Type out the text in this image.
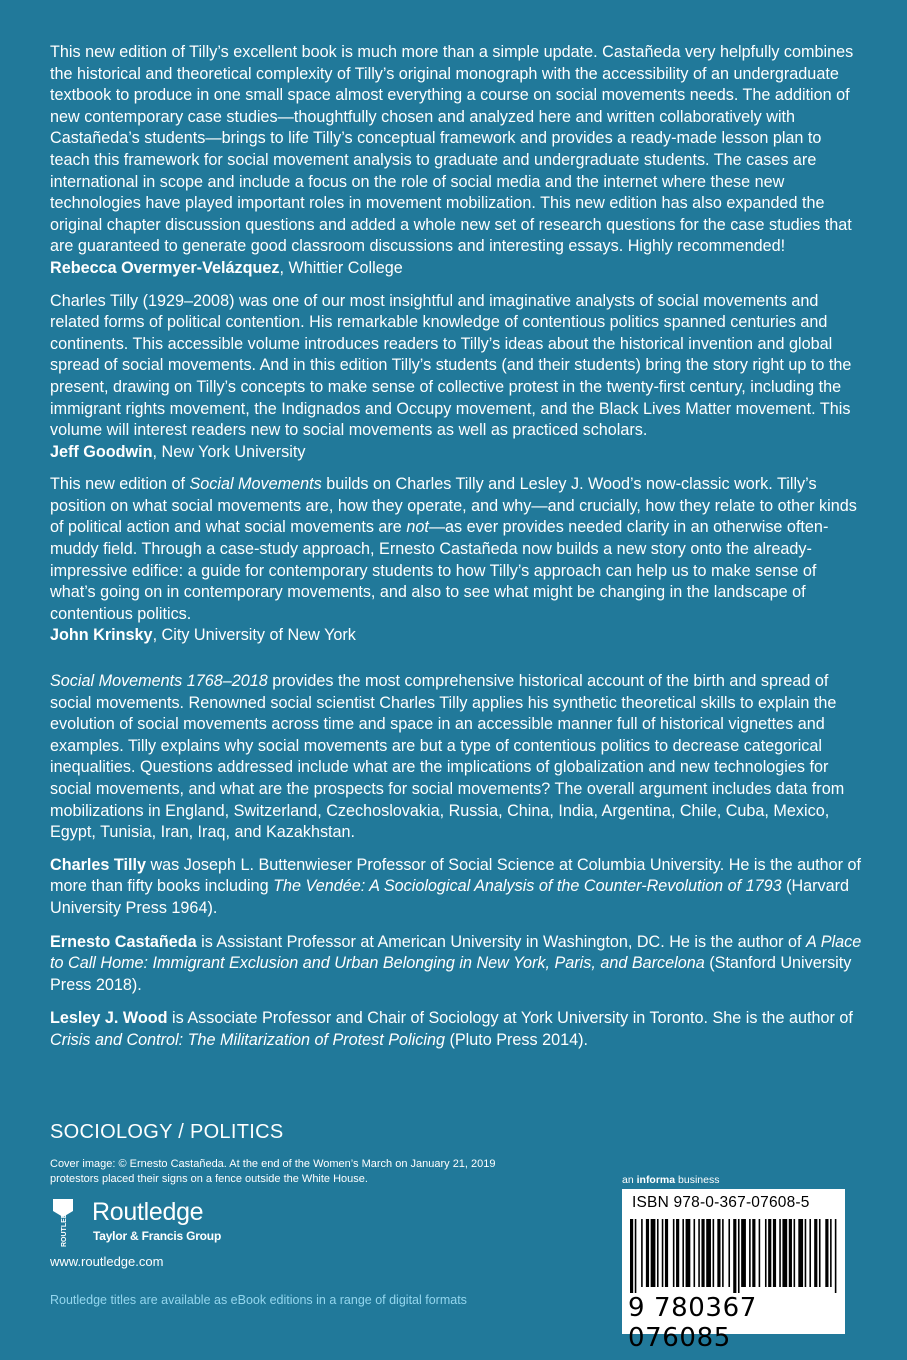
This new edition of Tilly’s excellent book is much more than a simple update. Castañeda very helpfully combines the historical and theoretical complexity of Tilly’s original monograph with the accessibility of an undergraduate textbook to produce in one small space almost everything a course on social movements needs. The addition of new contemporary case studies—thoughtfully chosen and analyzed here and written collaboratively with Castañeda’s students—brings to life Tilly’s conceptual framework and provides a ready-made lesson plan to teach this framework for social movement analysis to graduate and undergraduate students. The cases are international in scope and include a focus on the role of social media and the internet where these new technologies have played important roles in movement mobilization. This new edition has also expanded the original chapter discussion questions and added a whole new set of research questions for the case studies that are guaranteed to generate good classroom discussions and interesting essays. Highly recommended!

Rebecca Overmyer-Velázquez, Whittier College

Charles Tilly (1929–2008) was one of our most insightful and imaginative analysts of social movements and related forms of political contention. His remarkable knowledge of contentious politics spanned centuries and continents. This accessible volume introduces readers to Tilly’s ideas about the historical invention and global spread of social movements. And in this edition Tilly’s students (and their students) bring the story right up to the present, drawing on Tilly’s concepts to make sense of collective protest in the twenty-first century, including the immigrant rights movement, the Indignados and Occupy movement, and the Black Lives Matter movement. This volume will interest readers new to social movements as well as practiced scholars.

Jeff Goodwin, New York University

This new edition of Social Movements builds on Charles Tilly and Lesley J. Wood’s now-classic work. Tilly’s position on what social movements are, how they operate, and why—and crucially, how they relate to other kinds of political action and what social movements are not—as ever provides needed clarity in an otherwise often-muddy field. Through a case-study approach, Ernesto Castañeda now builds a new story onto the already-impressive edifice: a guide for contemporary students to how Tilly’s approach can help us to make sense of what’s going on in contemporary movements, and also to see what might be changing in the landscape of contentious politics.

John Krinsky, City University of New York

Social Movements 1768–2018 provides the most comprehensive historical account of the birth and spread of social movements. Renowned social scientist Charles Tilly applies his synthetic theoretical skills to explain the evolution of social movements across time and space in an accessible manner full of historical vignettes and examples. Tilly explains why social movements are but a type of contentious politics to decrease categorical inequalities. Questions addressed include what are the implications of globalization and new technologies for social movements, and what are the prospects for social movements? The overall argument includes data from mobilizations in England, Switzerland, Czechoslovakia, Russia, China, India, Argentina, Chile, Cuba, Mexico, Egypt, Tunisia, Iran, Iraq, and Kazakhstan.

Charles Tilly was Joseph L. Buttenwieser Professor of Social Science at Columbia University. He is the author of more than fifty books including The Vendée: A Sociological Analysis of the Counter-Revolution of 1793 (Harvard University Press 1964).

Ernesto Castañeda is Assistant Professor at American University in Washington, DC. He is the author of A Place to Call Home: Immigrant Exclusion and Urban Belonging in New York, Paris, and Barcelona (Stanford University Press 2018).

Lesley J. Wood is Associate Professor and Chair of Sociology at York University in Toronto. She is the author of Crisis and Control: The Militarization of Protest Policing (Pluto Press 2014).

SOCIOLOGY / POLITICS
Cover image: © Ernesto Castañeda. At the end of the Women’s March on January 21, 2019 protestors placed their signs on a fence outside the White House.
ROUTLEDGE Routledge
Taylor & Francis Group
www.routledge.com
Routledge titles are available as eBook editions in a range of digital formats
an informa business
ISBN 978-0-367-07608-5
9 780367 076085
